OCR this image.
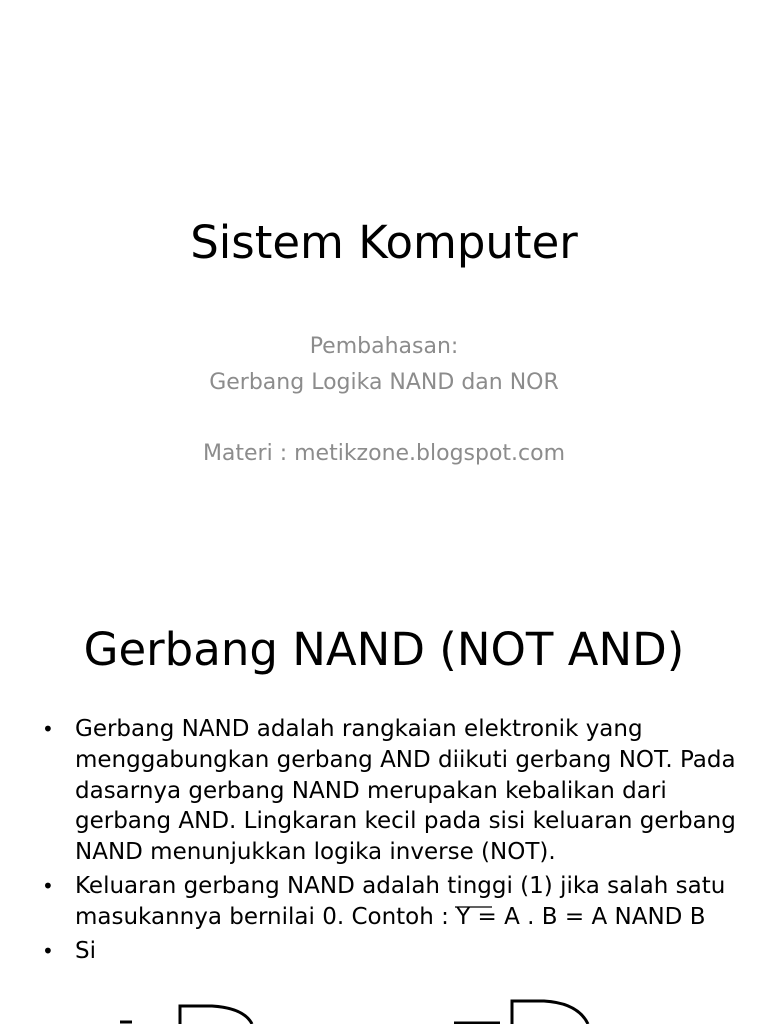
Sistem Komputer
Pembahasan:
Gerbang Logika NAND dan NOR
Materi : metikzone.blogspot.com
Gerbang NAND (NOT AND)
• Gerbang NAND adalah rangkaian elektronik yang menggabungkan gerbang AND diikuti gerbang NOT. Pada dasarnya gerbang NAND merupakan kebalikan dari gerbang AND. Lingkaran kecil pada sisi keluaran gerbang NAND menunjukkan logika inverse (NOT).
• Keluaran gerbang NAND adalah tinggi (1) jika salah satu masukannya bernilai 0. Contoh : Y = A . B = A NAND B
• Si
